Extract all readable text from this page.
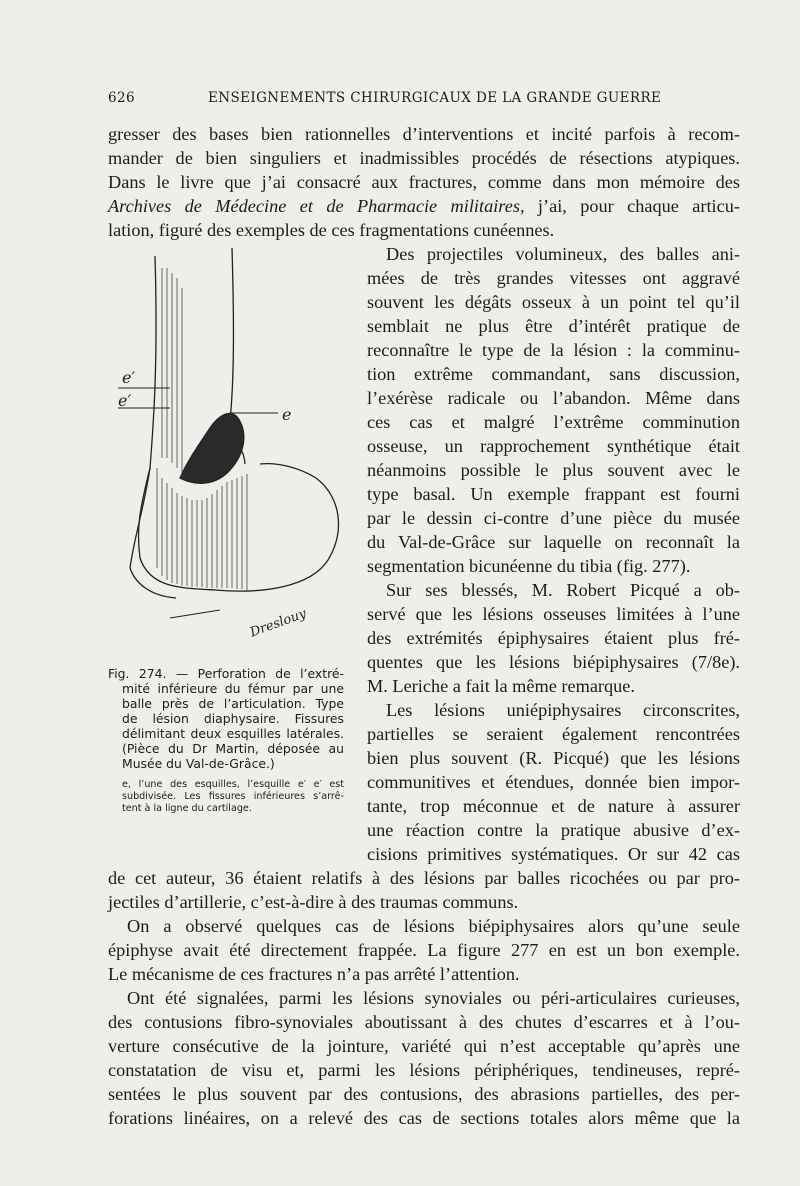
626	ENSEIGNEMENTS CHIRURGICAUX DE LA GRANDE GUERRE
gresser des bases bien rationnelles d’interventions et incité parfois à recom-
mander de bien singuliers et inadmissibles procédés de résections atypiques.
Dans le livre que j’ai consacré aux fractures, comme dans mon mémoire des
Archives de Médecine et de Pharmacie militaires, j’ai, pour chaque articu-
lation, figuré des exemples de ces fragmentations cunéennes.
e′
e′
e
Dreslouy
Des projectiles volumineux, des balles ani-
mées de très grandes vitesses ont aggravé
souvent les dégâts osseux à un point tel qu’il
semblait ne plus être d’intérêt pratique de
reconnaître le type de la lésion : la comminu-
tion extrême commandant, sans discussion,
l’exérèse radicale ou l’abandon. Même dans
ces cas et malgré l’extrême comminution
osseuse, un rapprochement synthétique était
néanmoins possible le plus souvent avec le
type basal. Un exemple frappant est fourni
par le dessin ci-contre d’une pièce du musée
du Val-de-Grâce sur laquelle on reconnaît la
segmentation bicunéenne du tibia (fig. 277).
Sur ses blessés, M. Robert Picqué a ob-
servé que les lésions osseuses limitées à l’une
des extrémités épiphysaires étaient plus fré-
quentes que les lésions biépiphysaires (7/8e).
M. Leriche a fait la même remarque.
Les lésions uniépiphysaires circonscrites,
partielles se seraient également rencontrées
bien plus souvent (R. Picqué) que les lésions
communitives et étendues, donnée bien impor-
tante, trop méconnue et de nature à assurer
une réaction contre la pratique abusive d’ex-
cisions primitives systématiques. Or sur 42 cas
Fig. 274. — Perforation de l’extré-
mité inférieure du fémur par une
balle près de l’articulation. Type
de lésion diaphysaire. Fissures
délimitant deux esquilles latérales.
(Pièce du Dr Martin, déposée au
Musée du Val-de-Grâce.)
e, l’une des esquilles, l’esquille e′ e′ est
subdivisée. Les fissures inférieures s’arrê-
tent à la ligne du cartilage.
de cet auteur, 36 étaient relatifs à des lésions par balles ricochées ou par pro-
jectiles d’artillerie, c’est-à-dire à des traumas communs.
On a observé quelques cas de lésions biépiphysaires alors qu’une seule
épiphyse avait été directement frappée. La figure 277 en est un bon exemple.
Le mécanisme de ces fractures n’a pas arrêté l’attention.
Ont été signalées, parmi les lésions synoviales ou péri-articulaires curieuses,
des contusions fibro-synoviales aboutissant à des chutes d’escarres et à l’ou-
verture consécutive de la jointure, variété qui n’est acceptable qu’après une
constatation de visu et, parmi les lésions périphériques, tendineuses, repré-
sentées le plus souvent par des contusions, des abrasions partielles, des per-
forations linéaires, on a relevé des cas de sections totales alors même que la
